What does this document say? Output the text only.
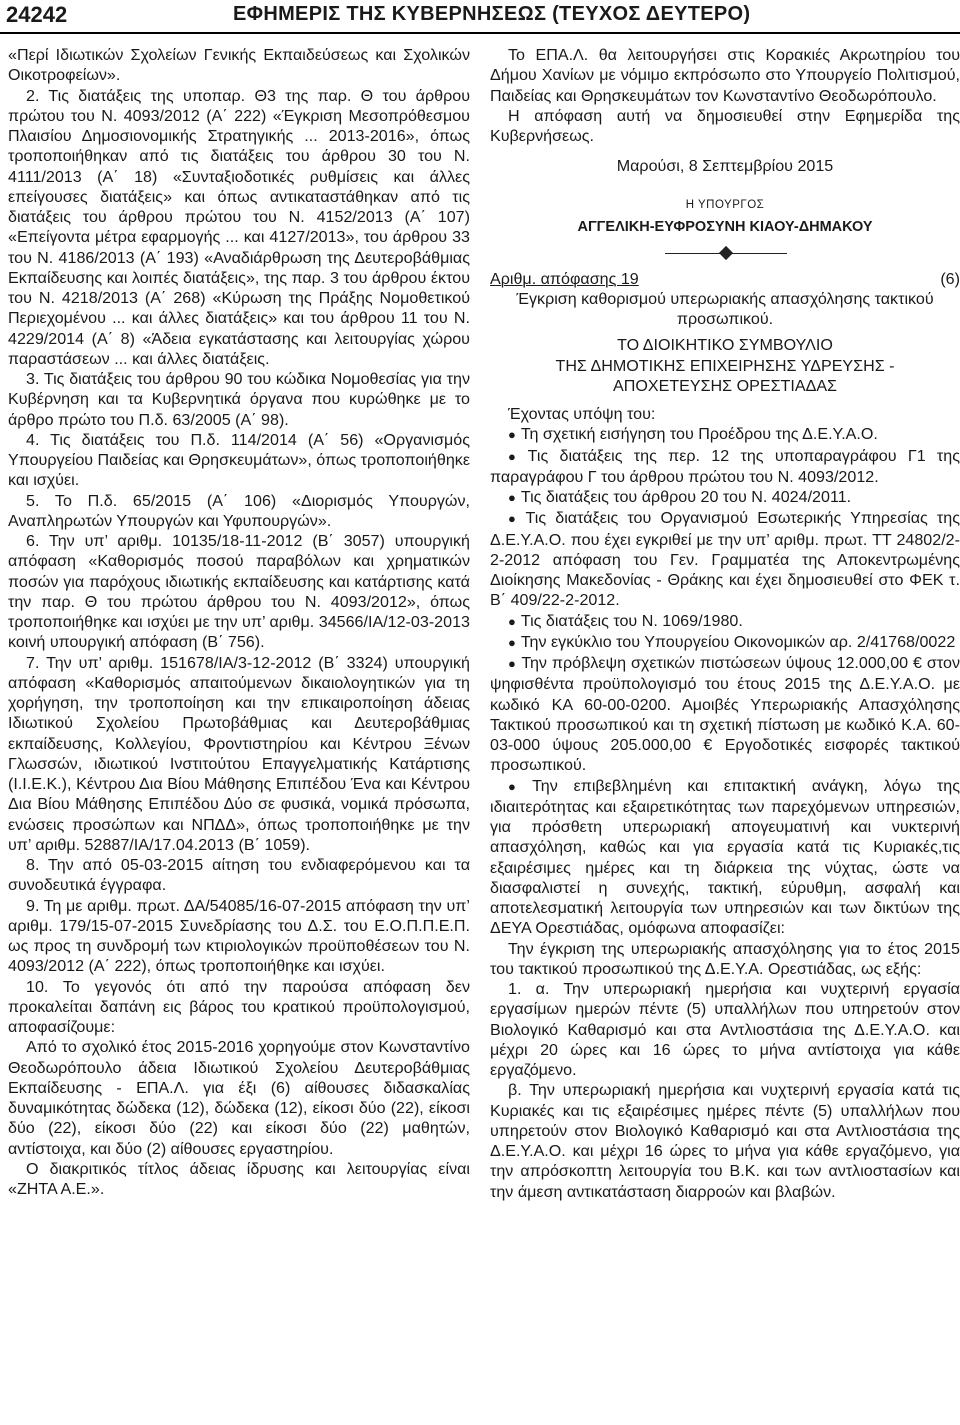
24242	ΕΦΗΜΕΡΙΣ ΤΗΣ ΚΥΒΕΡΝΗΣΕΩΣ (ΤΕΥΧΟΣ ΔΕΥΤΕΡΟ)

«Περί Ιδιωτικών Σχολείων Γενικής Εκπαιδεύσεως και Σχολικών Οικοτροφείων».

2. Τις διατάξεις της υποπαρ. Θ3 της παρ. Θ του άρθρου πρώτου του Ν. 4093/2012 (Α΄ 222) «Έγκριση Μεσοπρόθεσμου Πλαισίου Δημοσιονομικής Στρατηγικής ... 2013-2016», όπως τροποποιήθηκαν από τις διατάξεις του άρθρου 30 του Ν. 4111/2013 (Α΄ 18) «Συνταξιοδοτικές ρυθμίσεις και άλλες επείγουσες διατάξεις» και όπως αντικαταστάθηκαν από τις διατάξεις του άρθρου πρώτου του Ν. 4152/2013 (Α΄ 107) «Επείγοντα μέτρα εφαρμογής ... και 4127/2013», του άρθρου 33 του Ν. 4186/2013 (Α΄ 193) «Αναδιάρθρωση της Δευτεροβάθμιας Εκπαίδευσης και λοιπές διατάξεις», της παρ. 3 του άρθρου έκτου του Ν. 4218/2013 (Α΄ 268) «Κύρωση της Πράξης Νομοθετικού Περιεχομένου ... και άλλες διατάξεις» και του άρθρου 11 του Ν. 4229/2014 (Α΄ 8) «Άδεια εγκατάστασης και λειτουργίας χώρου παραστάσεων ... και άλλες διατάξεις.

3. Τις διατάξεις του άρθρου 90 του κώδικα Νομοθεσίας για την Κυβέρνηση και τα Κυβερνητικά όργανα που κυρώθηκε με το άρθρο πρώτο του Π.δ. 63/2005 (Α΄ 98).

4. Τις διατάξεις του Π.δ. 114/2014 (Α΄ 56) «Οργανισμός Υπουργείου Παιδείας και Θρησκευμάτων», όπως τροποποιήθηκε και ισχύει.

5. Το Π.δ. 65/2015 (Α΄ 106) «Διορισμός Υπουργών, Αναπληρωτών Υπουργών και Υφυπουργών».

6. Την υπ’ αριθμ. 10135/18-11-2012 (Β΄ 3057) υπουργική απόφαση «Καθορισμός ποσού παραβόλων και χρηματικών ποσών για παρόχους ιδιωτικής εκπαίδευσης και κατάρτισης κατά την παρ. Θ του πρώτου άρθρου του Ν. 4093/2012», όπως τροποποιήθηκε και ισχύει με την υπ’ αριθμ. 34566/ΙΑ/12-03-2013 κοινή υπουργική απόφαση (Β΄ 756).

7. Την υπ’ αριθμ. 151678/ΙΑ/3-12-2012 (Β΄ 3324) υπουργική απόφαση «Καθορισμός απαιτούμενων δικαιολογητικών για τη χορήγηση, την τροποποίηση και την επικαιροποίηση άδειας Ιδιωτικού Σχολείου Πρωτοβάθμιας και Δευτεροβάθμιας εκπαίδευσης, Κολλεγίου, Φροντιστηρίου και Κέντρου Ξένων Γλωσσών, ιδιωτικού Ινστιτούτου Επαγγελματικής Κατάρτισης (Ι.Ι.Ε.Κ.), Κέντρου Δια Βίου Μάθησης Επιπέδου Ένα και Κέντρου Δια Βίου Μάθησης Επιπέδου Δύο σε φυσικά, νομικά πρόσωπα, ενώσεις προσώπων και ΝΠΔΔ», όπως τροποποιήθηκε με την υπ’ αριθμ. 52887/ΙΑ/17.04.2013 (Β΄ 1059).

8. Την από 05-03-2015 αίτηση του ενδιαφερόμενου και τα συνοδευτικά έγγραφα.

9. Τη με αριθμ. πρωτ. ΔΑ/54085/16-07-2015 απόφαση την υπ’ αριθμ. 179/15-07-2015 Συνεδρίασης του Δ.Σ. του Ε.Ο.Π.Π.Ε.Π. ως προς τη συνδρομή των κτιριολογικών προϋποθέσεων του Ν. 4093/2012 (Α΄ 222), όπως τροποποιήθηκε και ισχύει.

10. Το γεγονός ότι από την παρούσα απόφαση δεν προκαλείται δαπάνη εις βάρος του κρατικού προϋπολογισμού, αποφασίζουμε:

Από το σχολικό έτος 2015-2016 χορηγούμε στον Κωνσταντίνο Θεοδωρόπουλο άδεια Ιδιωτικού Σχολείου Δευτεροβάθμιας Εκπαίδευσης - ΕΠΑ.Λ. για έξι (6) αίθουσες διδασκαλίας δυναμικότητας δώδεκα (12), δώδεκα (12), είκοσι δύο (22), είκοσι δύο (22), είκοσι δύο (22) και είκοσι δύο (22) μαθητών, αντίστοιχα, και δύο (2) αίθουσες εργαστηρίου.

Ο διακριτικός τίτλος άδειας ίδρυσης και λειτουργίας είναι «ΖΗΤΑ Α.Ε.».

Το ΕΠΑ.Λ. θα λειτουργήσει στις Κορακιές Ακρωτηρίου του Δήμου Χανίων με νόμιμο εκπρόσωπο στο Υπουργείο Πολιτισμού, Παιδείας και Θρησκευμάτων τον Κωνσταντίνο Θεοδωρόπουλο.

Η απόφαση αυτή να δημοσιευθεί στην Εφημερίδα της Κυβερνήσεως.

Μαρούσι, 8 Σεπτεμβρίου 2015

Η ΥΠΟΥΡΓΟΣ

ΑΓΓΕΛΙΚΗ-ΕΥΦΡΟΣΥΝΗ ΚΙΑΟΥ-ΔΗΜΑΚΟΥ

Αριθμ. απόφασης 19	(6)

Έγκριση καθορισμού υπερωριακής απασχόλησης τακτικού προσωπικού.

ΤΟ ΔΙΟΙΚΗΤΙΚΟ ΣΥΜΒΟΥΛΙΟ
ΤΗΣ ΔΗΜΟΤΙΚΗΣ ΕΠΙΧΕΙΡΗΣΗΣ ΥΔΡΕΥΣΗΣ -
ΑΠΟΧΕΤΕΥΣΗΣ ΟΡΕΣΤΙΑΔΑΣ

Έχοντας υπόψη του:

● Τη σχετική εισήγηση του Προέδρου της Δ.Ε.Υ.Α.Ο.

● Τις διατάξεις της περ. 12 της υποπαραγράφου Γ1 της παραγράφου Γ του άρθρου πρώτου του Ν. 4093/2012.

● Τις διατάξεις του άρθρου 20 του Ν. 4024/2011.

● Τις διατάξεις του Οργανισμού Εσωτερικής Υπηρεσίας της Δ.Ε.Υ.Α.Ο. που έχει εγκριθεί με την υπ’ αριθμ. πρωτ. ΤΤ 24802/2-2-2012 απόφαση του Γεν. Γραμματέα της Αποκεντρωμένης Διοίκησης Μακεδονίας - Θράκης και έχει δημοσιευθεί στο ΦΕΚ τ. Β΄ 409/22-2-2012.

● Τις διατάξεις του Ν. 1069/1980.

● Την εγκύκλιο του Υπουργείου Οικονομικών αρ. 2/41768/0022

● Την πρόβλεψη σχετικών πιστώσεων ύψους 12.000,00 € στον ψηφισθέντα προϋπολογισμό του έτους 2015 της Δ.Ε.Υ.Α.Ο. με κωδικό ΚΑ 60-00-0200. Αμοιβές Υπερωριακής Απασχόλησης Τακτικού προσωπικού και τη σχετική πίστωση με κωδικό Κ.Α. 60-03-000 ύψους 205.000,00 € Εργοδοτικές εισφορές τακτικού προσωπικού.

● Την επιβεβλημένη και επιτακτική ανάγκη, λόγω της ιδιαιτερότητας και εξαιρετικότητας των παρεχόμενων υπηρεσιών, για πρόσθετη υπερωριακή απογευματινή και νυκτερινή απασχόληση, καθώς και για εργασία κατά τις Κυριακές,τις εξαιρέσιμες ημέρες και τη διάρκεια της νύχτας, ώστε να διασφαλιστεί η συνεχής, τακτική, εύρυθμη, ασφαλή και αποτελεσματική λειτουργία των υπηρεσιών και των δικτύων της ΔΕΥΑ Ορεστιάδας, ομόφωνα αποφασίζει:

Την έγκριση της υπερωριακής απασχόλησης για το έτος 2015 του τακτικού προσωπικού της Δ.Ε.Υ.Α. Ορεστιάδας, ως εξής:

1. α. Την υπερωριακή ημερήσια και νυχτερινή εργασία εργασίμων ημερών πέντε (5) υπαλλήλων που υπηρετούν στον Βιολογικό Καθαρισμό και στα Αντλιοστάσια της Δ.Ε.Υ.Α.Ο. και μέχρι 20 ώρες και 16 ώρες το μήνα αντίστοιχα για κάθε εργαζόμενο.

β. Την υπερωριακή ημερήσια και νυχτερινή εργασία κατά τις Κυριακές και τις εξαιρέσιμες ημέρες πέντε (5) υπαλλήλων που υπηρετούν στον Βιολογικό Καθαρισμό και στα Αντλιοστάσια της Δ.Ε.Υ.Α.Ο. και μέχρι 16 ώρες το μήνα για κάθε εργαζόμενο, για την απρόσκοπτη λειτουργία του Β.Κ. και των αντλιοστασίων και την άμεση αντικατάσταση διαρροών και βλαβών.
